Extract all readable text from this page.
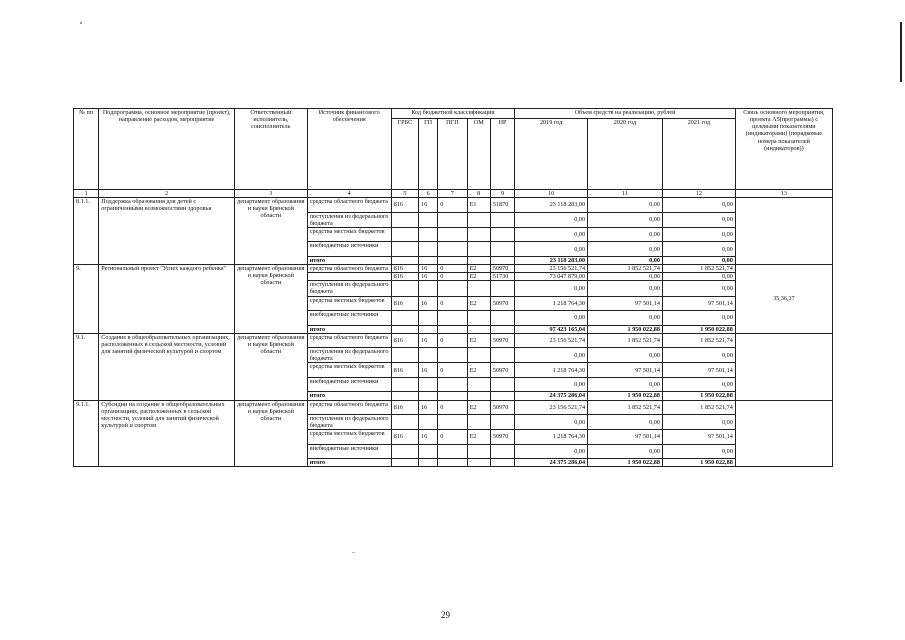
№ пп	Подпрограмма, основное мероприятие (проект), направление расходов, мероприятие	Ответственный исполнитель, соисполнитель	Источник финансового обеспечения	Код бюджетной классификации					Объем средств на реализацию, рублей			Связь основного мероприятия, проекта A5(программы) с целевыми показателями (индикаторами) (порядковые номера показателей (индикаторов))
				ГРБС	ГП	ПГП	ОМ	НР	2019 год	2020 год	2021 год	
1	2	3	4	5	6	7	8	9	10	11	12	13
8.1.1.	Поддержка образования для детей с ограниченными возможностями здоровья	департамент образования и науки Брянской области	средства областного бюджета	816	16	0	E1	51870	23 118 283,00	0,00	0,00	
			поступления из федерального бюджета						0,00	0,00	0,00	
			средства местных бюджетов						0,00	0,00	0,00	
			внебюджетные источники						0,00	0,00	0,00	
			итого						23 118 283,00	0,00	0,00	
9.	Региональный проект "Успех каждого ребенка"	департамент образования и науки Брянской области	средства областного бюджета	816	16	0	E2	50970	23 156 521,74	1 852 521,74	1 852 521,74	35,36,37
				816	16	0	E2	51730	73 047 879,00	0,00	0,00	
			поступления из федерального бюджета						0,00	0,00	0,00	
			средства местных бюджетов	816	16	0	E2	50970	1 218 764,30	97 501,14	97 501,14	
			внебюджетные источники						0,00	0,00	0,00	
			итого						97 423 165,04	1 950 022,88	1 950 022,88	
9.1.	Создание в общеобразовательных организациях, расположенных в сельской местности, условий для занятий физической культурой и спортом	департамент образования и науки Брянской области	средства областного бюджета	816	16	0	E2	50970	23 156 521,74	1 852 521,74	1 852 521,74	
			поступления из федерального бюджета						0,00	0,00	0,00	
			средства местных бюджетов	816	16	0	E2	50970	1 218 764,30	97 501,14	97 501,14	
			внебюджетные источники						0,00	0,00	0,00	
			итого						24 375 286,04	1 950 022,88	1 950 022,88	
9.1.1.	Субсидии на создание в общеобразовательных организациях, расположенных в сельской местности, условий для занятий физической культурой и спортом	департамент образования и науки Брянской области	средства областного бюджета	816	16	0	E2	50970	23 156 521,74	1 852 521,74	1 852 521,74	
			поступления из федерального бюджета						0,00	0,00	0,00	
			средства местных бюджетов	816	16	0	E2	50970	1 218 764,30	97 501,14	97 501,14	
			внебюджетные источники						0,00	0,00	0,00	
			итого						24 375 286,04	1 950 022,88	1 950 022,88	
29
